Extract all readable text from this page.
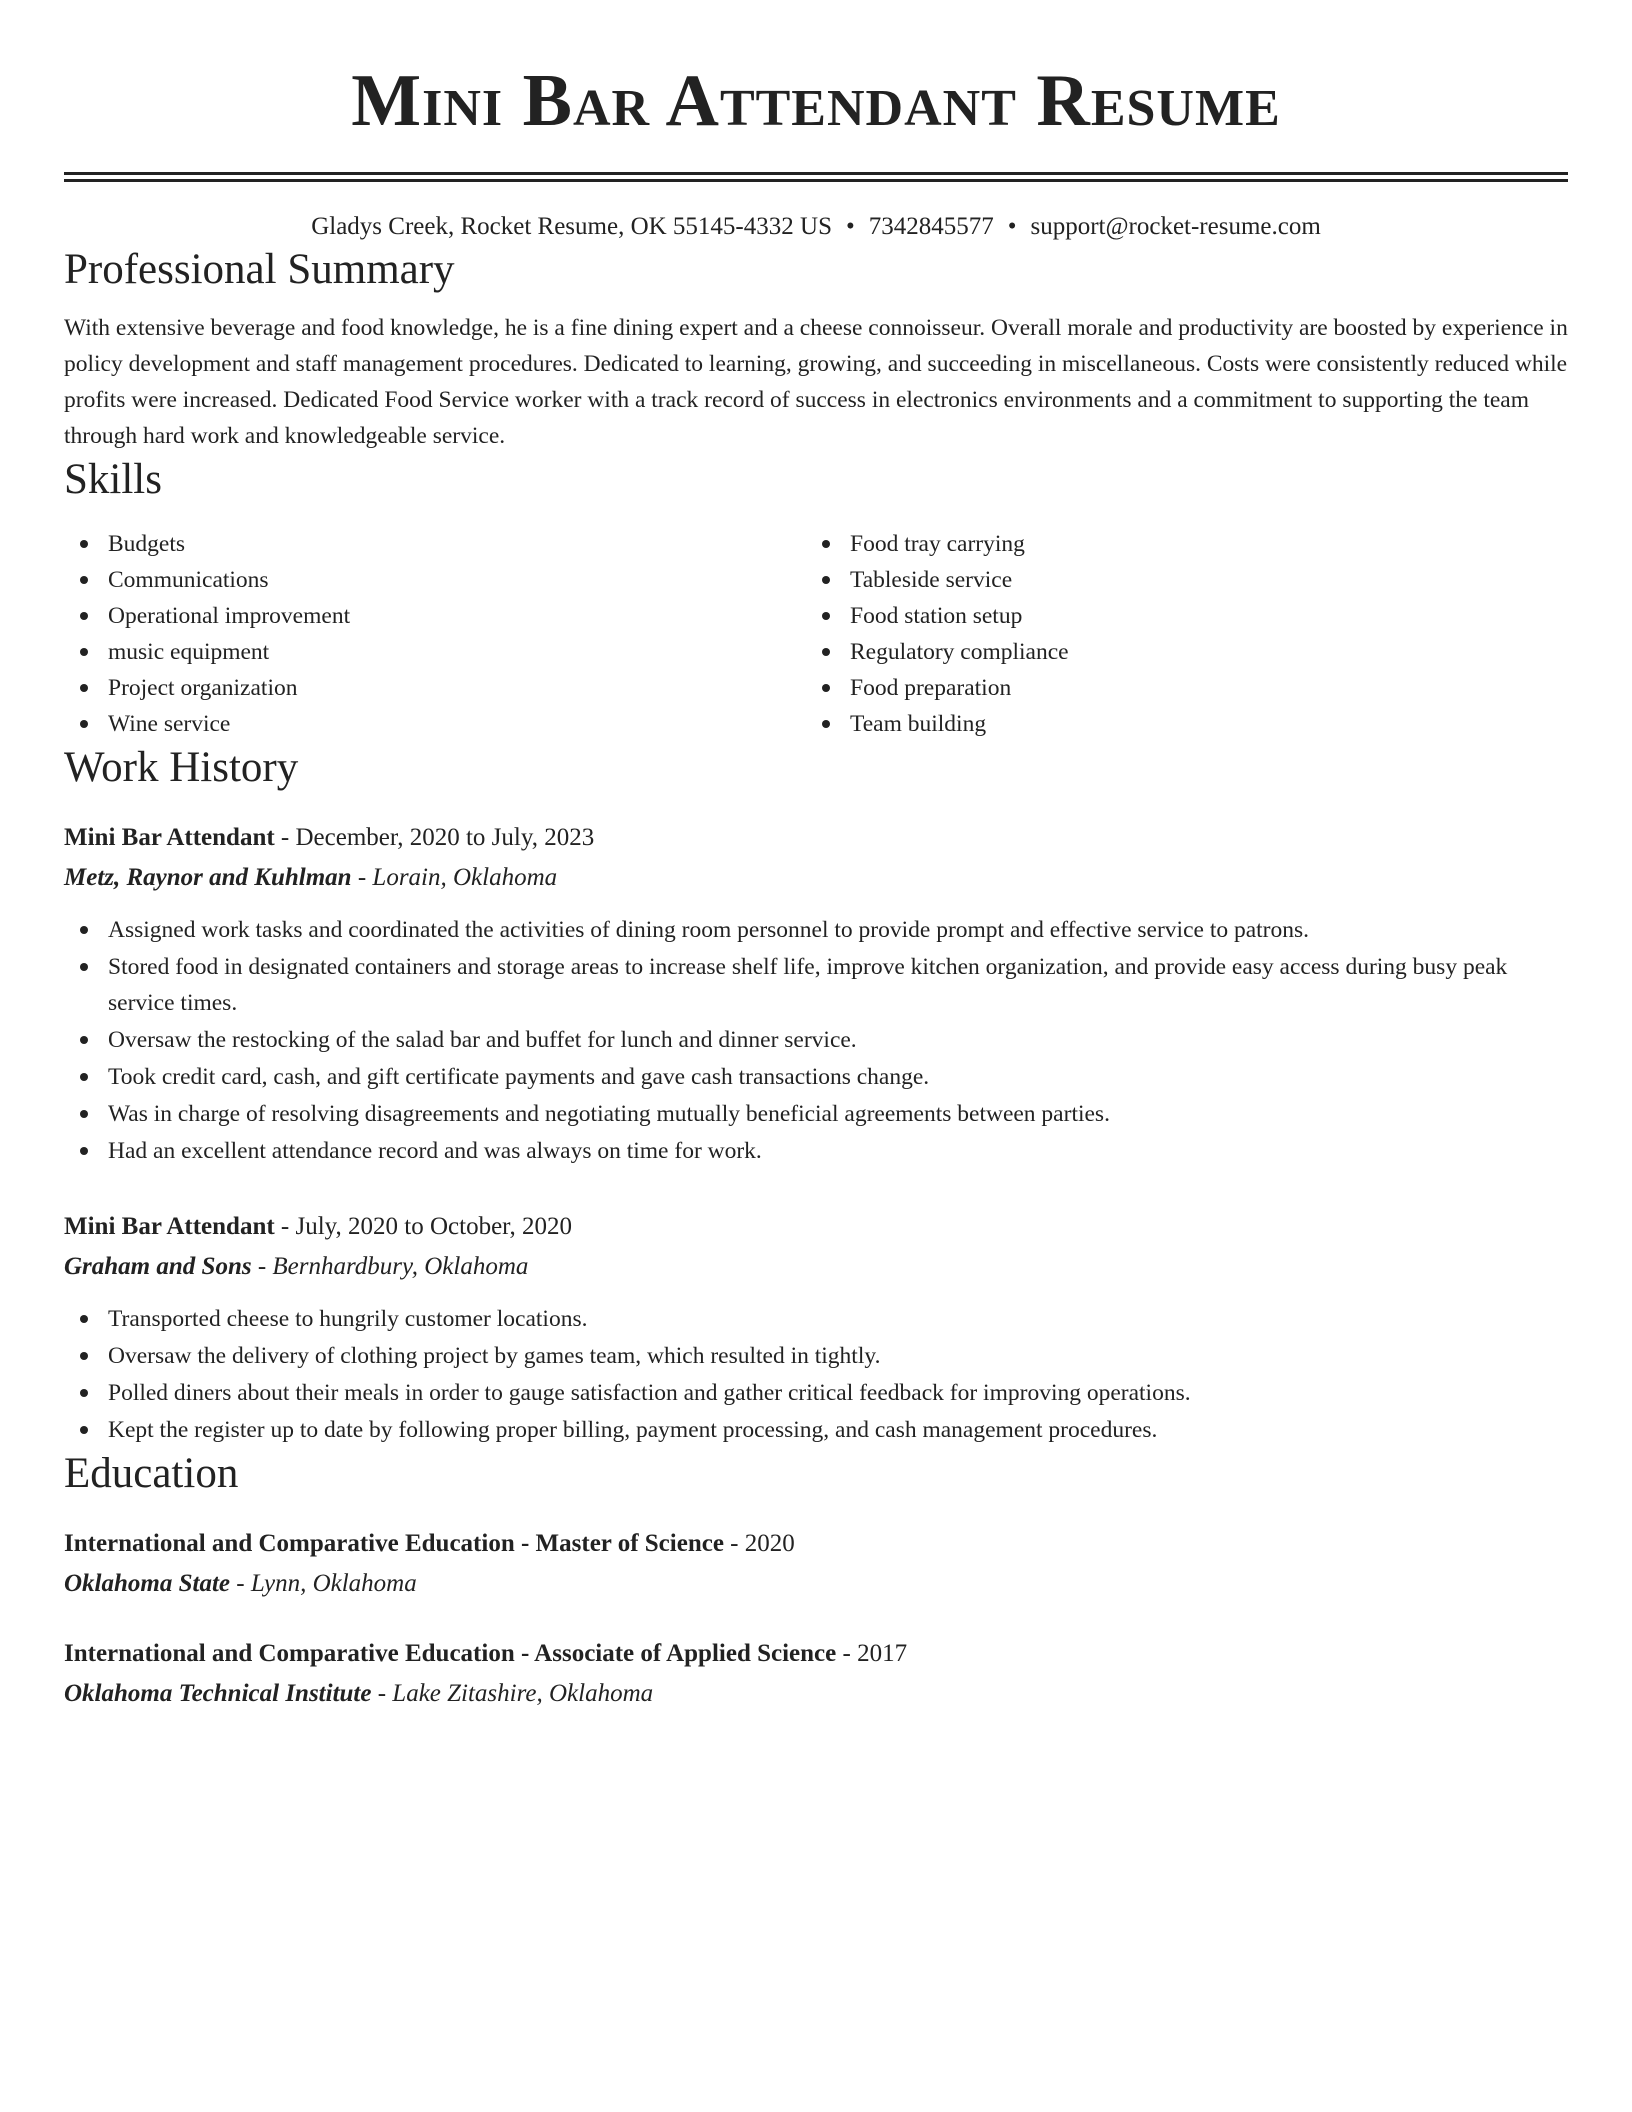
Mini Bar Attendant Resume
Gladys Creek, Rocket Resume, OK 55145-4332 US • 7342845577 • support@rocket-resume.com
Professional Summary

With extensive beverage and food knowledge, he is a fine dining expert and a cheese connoisseur. Overall morale and productivity are boosted by experience in policy development and staff management procedures. Dedicated to learning, growing, and succeeding in miscellaneous. Costs were consistently reduced while profits were increased. Dedicated Food Service worker with a track record of success in electronics environments and a commitment to supporting the team through hard work and knowledgeable service.

Skills
Budgets
Communications
Operational improvement
music equipment
Project organization
Wine service
Food tray carrying
Tableside service
Food station setup
Regulatory compliance
Food preparation
Team building
Work History
Mini Bar Attendant - December, 2020 to July, 2023
Metz, Raynor and Kuhlman - Lorain, Oklahoma
Assigned work tasks and coordinated the activities of dining room personnel to provide prompt and effective service to patrons.
Stored food in designated containers and storage areas to increase shelf life, improve kitchen organization, and provide easy access during busy peak service times.
Oversaw the restocking of the salad bar and buffet for lunch and dinner service.
Took credit card, cash, and gift certificate payments and gave cash transactions change.
Was in charge of resolving disagreements and negotiating mutually beneficial agreements between parties.
Had an excellent attendance record and was always on time for work.
Mini Bar Attendant - July, 2020 to October, 2020
Graham and Sons - Bernhardbury, Oklahoma
Transported cheese to hungrily customer locations.
Oversaw the delivery of clothing project by games team, which resulted in tightly.
Polled diners about their meals in order to gauge satisfaction and gather critical feedback for improving operations.
Kept the register up to date by following proper billing, payment processing, and cash management procedures.
Education
International and Comparative Education - Master of Science - 2020
Oklahoma State - Lynn, Oklahoma
International and Comparative Education - Associate of Applied Science - 2017
Oklahoma Technical Institute - Lake Zitashire, Oklahoma
